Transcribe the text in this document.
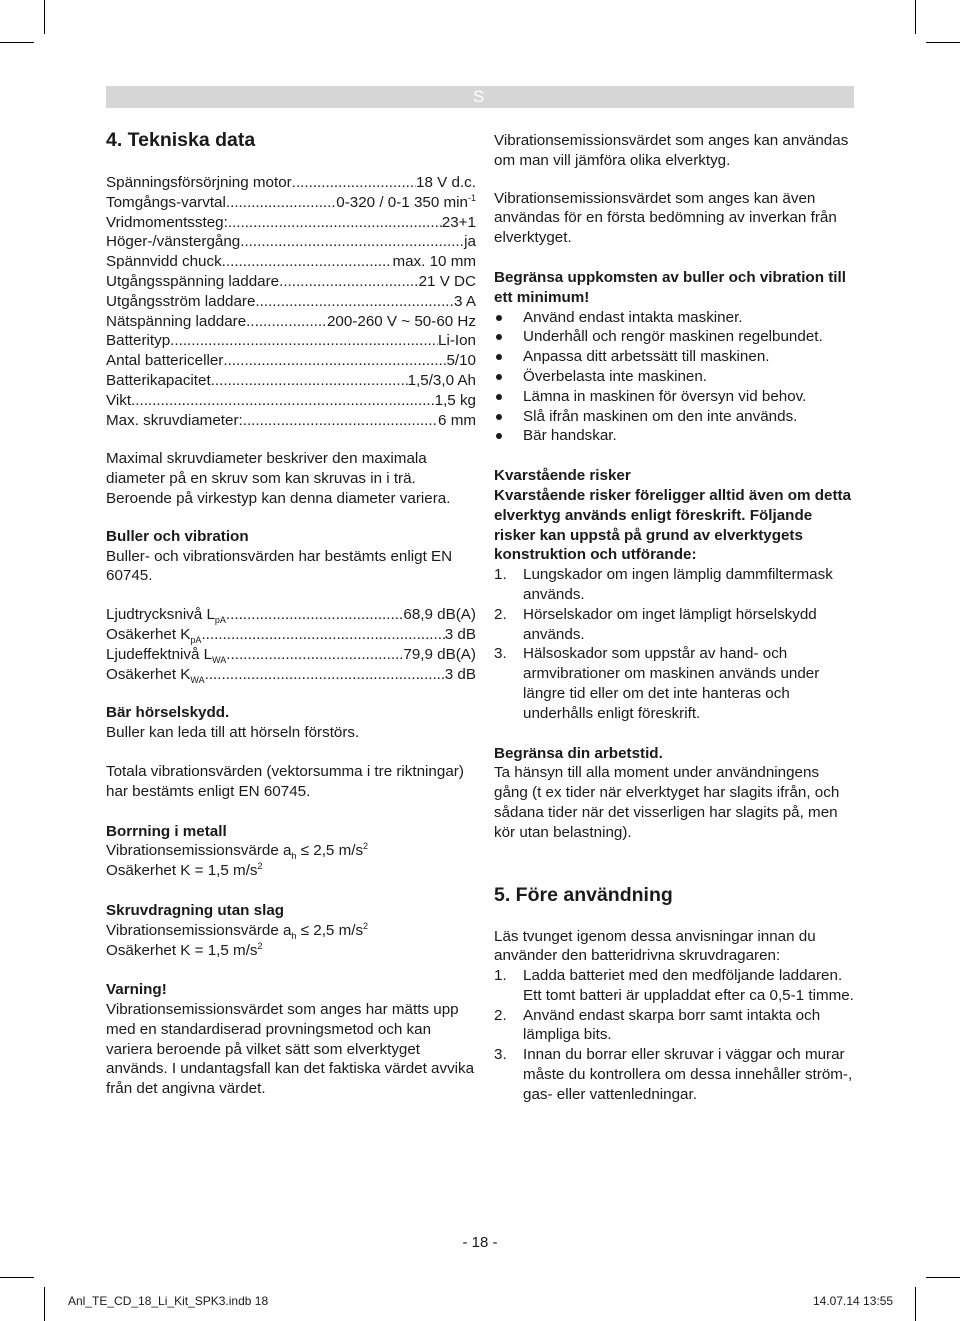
S
4. Tekniska data
Spänningsförsörjning motor .....	18 V d.c.
Tomgångs-varvtal .....	0-320 / 0-1 350 $\min^{-1}$
Vridmomentssteg: .....	23+1
Höger-/vänstergång .....	ja
Spännvidd chuck .....	max. 10 mm
Utgångsspänning laddare .....	21 V DC
Utgångsström laddare .....	3 A
Nätspänning laddare .....	200-260 V ~ 50-60 Hz
Batterityp .....	Li-Ion
Antal battericeller .....	5/10
Batterikapacitet .....	1,5/3,0 Ah
Vikt .....	1,5 kg
Max. skruvdiameter: .....	6 mm

Maximal skruvdiameter beskriver den maximala diameter på en skruv som kan skruvas in i trä. Beroende på virkestyp kan denna diameter variera.

Buller och vibration

Buller- och vibrationsvärden har bestämts enligt EN 60745.

Ljudtrycksnivå $L_{pA}$ .....	68,9 dB(A)
Osäkerhet $K_{pA}$ .....	3 dB
Ljudeffektnivå $L_{WA}$ .....	79,9 dB(A)
Osäkerhet $K_{WA}$ .....	3 dB

Bär hörselskydd.

Buller kan leda till att hörseln förstörs.

Totala vibrationsvärden (vektorsumma i tre riktningar) har bestämts enligt EN 60745.

Borrning i metall

Vibrationsemissionsvärde $a_h \le 2,5$ $m/s^2$

Osäkerhet K = 1,5 $m/s^2$

Skruvdragning utan slag

Vibrationsemissionsvärde $a_h \le 2,5$ $m/s^2$

Osäkerhet K = 1,5 $m/s^2$

Varning!

Vibrationsemissionsvärdet som anges har mätts upp med en standardiserad provningsmetod och kan variera beroende på vilket sätt som elverktyget används. I undantagsfall kan det faktiska värdet avvika från det angivna värdet.

Vibrationsemissionsvärdet som anges kan användas om man vill jämföra olika elverktyg.

Vibrationsemissionsvärdet som anges kan även användas för en första bedömning av inverkan från elverktyget.

Begränsa uppkomsten av buller och vibration till ett minimum!

Använd endast intakta maskiner.
Underhåll och rengör maskinen regelbundet.
Anpassa ditt arbetssätt till maskinen.
Överbelasta inte maskinen.
Lämna in maskinen för översyn vid behov.
Slå ifrån maskinen om den inte används.
Bär handskar.

Kvarstående risker

Kvarstående risker föreligger alltid även om detta elverktyg används enligt föreskrift. Följande risker kan uppstå på grund av elverktygets konstruktion och utförande:

1. Lungskador om ingen lämplig dammfiltermask används.
2. Hörselskador om inget lämpligt hörselskydd används.
3. Hälsoskador som uppstår av hand- och armvibrationer om maskinen används under längre tid eller om det inte hanteras och underhålls enligt föreskrift.

Begränsa din arbetstid.

Ta hänsyn till alla moment under användningens gång (t ex tider när elverktyget har slagits ifrån, och sådana tider när det visserligen har slagits på, men kör utan belastning).

5. Före användning

Läs tvunget igenom dessa anvisningar innan du använder den batteridrivna skruvdragaren:

1. Ladda batteriet med den medföljande laddaren. Ett tomt batteri är uppladdat efter ca 0,5-1 timme.
2. Använd endast skarpa borr samt intakta och lämpliga bits.
3. Innan du borrar eller skruvar i väggar och murar måste du kontrollera om dessa innehåller ström-, gas- eller vattenledningar.
- 18 -
Anl_TE_CD_18_Li_Kit_SPK3.indb 18	14.07.14 13:55
